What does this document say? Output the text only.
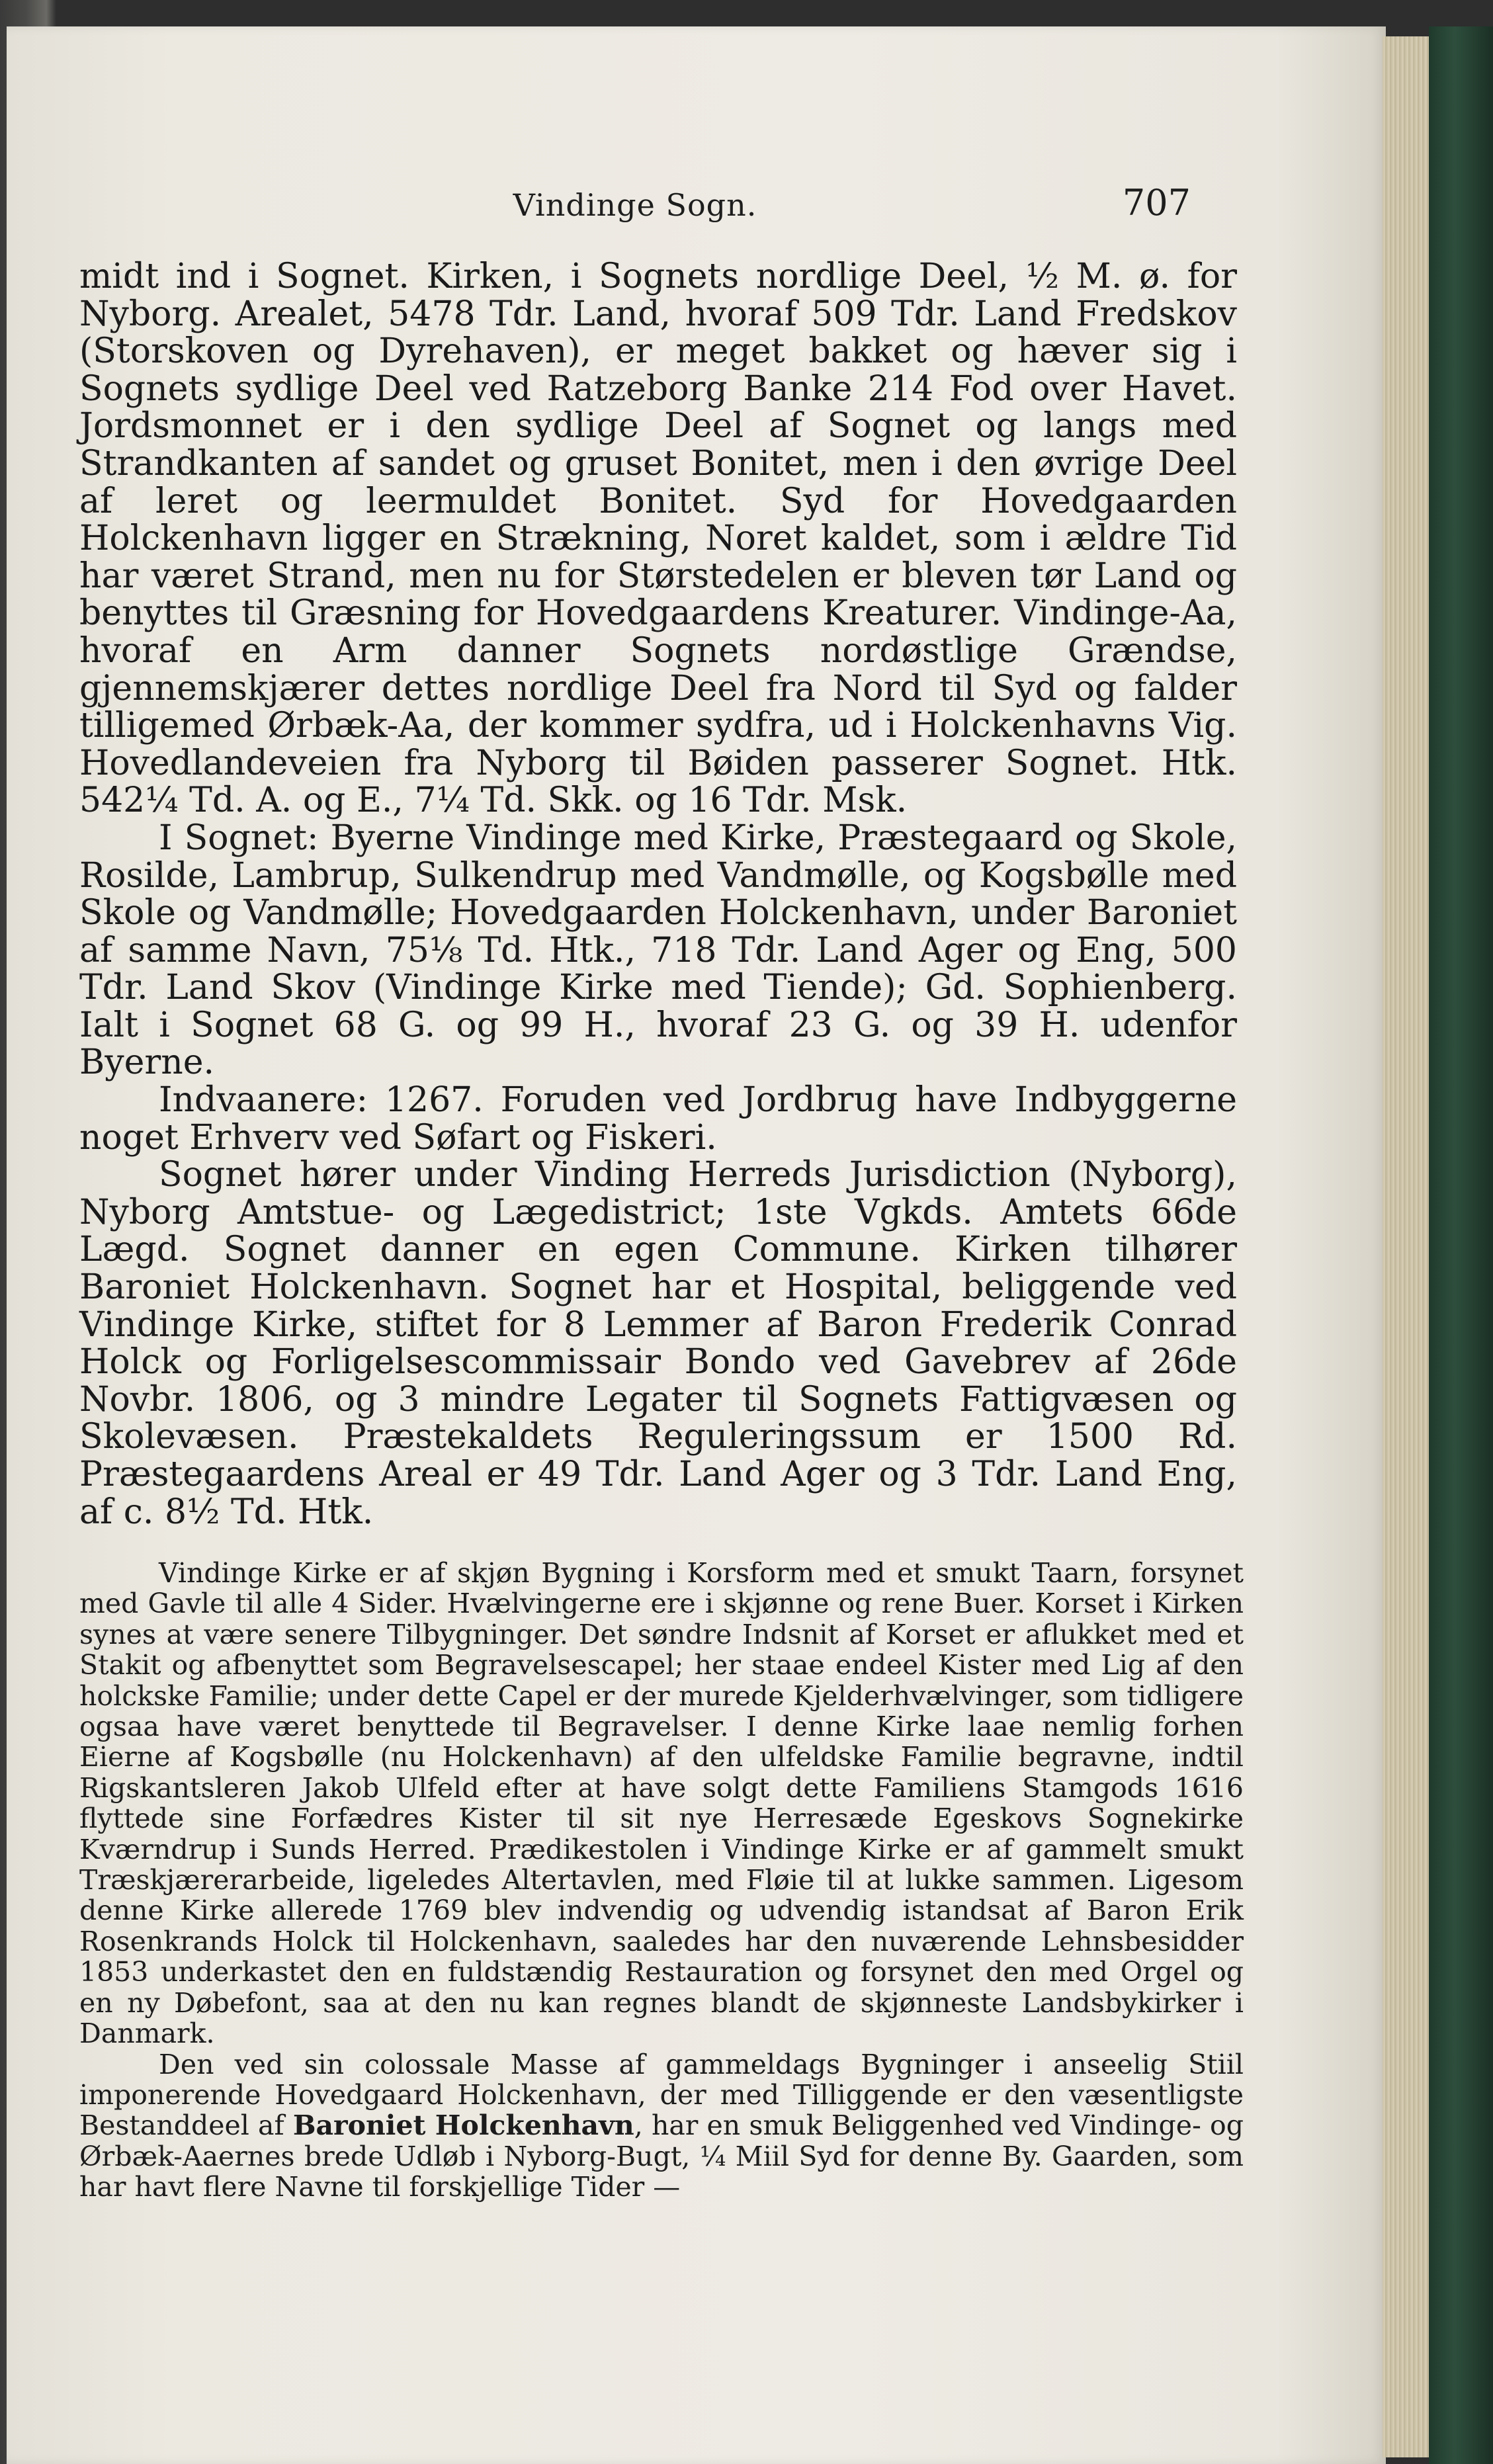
Vindinge Sogn.	707

midt ind i Sognet. Kirken, i Sognets nordlige Deel, ½ M. ø. for Nyborg. Arealet, 5478 Tdr. Land, hvoraf 509 Tdr. Land Fredskov (Storskoven og Dyrehaven), er meget bakket og hæver sig i Sognets sydlige Deel ved Ratzeborg Banke 214 Fod over Havet. Jordsmonnet er i den sydlige Deel af Sognet og langs med Strandkanten af sandet og gruset Bonitet, men i den øvrige Deel af leret og leermuldet Bonitet. Syd for Hovedgaarden Holckenhavn ligger en Strækning, Noret kaldet, som i ældre Tid har været Strand, men nu for Størstedelen er bleven tør Land og benyttes til Græsning for Hovedgaardens Kreaturer. Vindinge-Aa, hvoraf en Arm danner Sognets nordøstlige Grændse, gjennemskjærer dettes nordlige Deel fra Nord til Syd og falder tilligemed Ørbæk-Aa, der kommer sydfra, ud i Holckenhavns Vig. Hovedlandeveien fra Nyborg til Bøiden passerer Sognet. Htk. 542¼ Td. A. og E., 7¼ Td. Skk. og 16 Tdr. Msk.

I Sognet: Byerne Vindinge med Kirke, Præstegaard og Skole, Rosilde, Lambrup, Sulkendrup med Vandmølle, og Kogsbølle med Skole og Vandmølle; Hovedgaarden Holckenhavn, under Baroniet af samme Navn, 75⅛ Td. Htk., 718 Tdr. Land Ager og Eng, 500 Tdr. Land Skov (Vindinge Kirke med Tiende); Gd. Sophienberg. Ialt i Sognet 68 G. og 99 H., hvoraf 23 G. og 39 H. udenfor Byerne.

Indvaanere: 1267. Foruden ved Jordbrug have Indbyggerne noget Erhverv ved Søfart og Fiskeri.

Sognet hører under Vinding Herreds Jurisdiction (Nyborg), Nyborg Amtstue- og Lægedistrict; 1ste Vgkds. Amtets 66de Lægd. Sognet danner en egen Commune. Kirken tilhører Baroniet Holckenhavn. Sognet har et Hospital, beliggende ved Vindinge Kirke, stiftet for 8 Lemmer af Baron Frederik Conrad Holck og Forligelsescommissair Bondo ved Gavebrev af 26de Novbr. 1806, og 3 mindre Legater til Sognets Fattigvæsen og Skolevæsen. Præstekaldets Reguleringssum er 1500 Rd. Præstegaardens Areal er 49 Tdr. Land Ager og 3 Tdr. Land Eng, af c. 8½ Td. Htk.

Vindinge Kirke er af skjøn Bygning i Korsform med et smukt Taarn, forsynet med Gavle til alle 4 Sider. Hvælvingerne ere i skjønne og rene Buer. Korset i Kirken synes at være senere Tilbygninger. Det søndre Indsnit af Korset er aflukket med et Stakit og afbenyttet som Begravelsescapel; her staae endeel Kister med Lig af den holckske Familie; under dette Capel er der murede Kjelderhvælvinger, som tidligere ogsaa have været benyttede til Begravelser. I denne Kirke laae nemlig forhen Eierne af Kogsbølle (nu Holckenhavn) af den ulfeldske Familie begravne, indtil Rigskantsleren Jakob Ulfeld efter at have solgt dette Familiens Stamgods 1616 flyttede sine Forfædres Kister til sit nye Herresæde Egeskovs Sognekirke Kværndrup i Sunds Herred. Prædikestolen i Vindinge Kirke er af gammelt smukt Træskjærerarbeide, ligeledes Altertavlen, med Fløie til at lukke sammen. Ligesom denne Kirke allerede 1769 blev indvendig og udvendig istandsat af Baron Erik Rosenkrands Holck til Holckenhavn, saaledes har den nuværende Lehnsbesidder 1853 underkastet den en fuldstændig Restauration og forsynet den med Orgel og en ny Døbefont, saa at den nu kan regnes blandt de skjønneste Landsbykirker i Danmark.

Den ved sin colossale Masse af gammeldags Bygninger i anseelig Stiil imponerende Hovedgaard Holckenhavn, der med Tilliggende er den væsentligste Bestanddeel af Baroniet Holckenhavn, har en smuk Beliggenhed ved Vindinge- og Ørbæk-Aaernes brede Udløb i Nyborg-Bugt, ¼ Miil Syd for denne By. Gaarden, som har havt flere Navne til forskjellige Tider —
